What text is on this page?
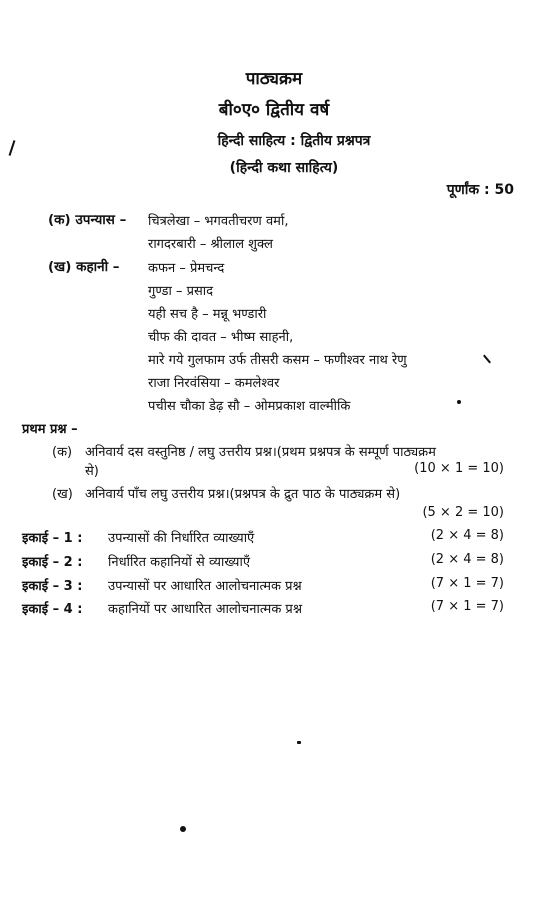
पाठ्यक्रम
बी०ए० द्वितीय वर्ष
हिन्दी साहित्य : द्वितीय प्रश्नपत्र
(हिन्दी कथा साहित्य)
पूर्णांक : 50
(क) उपन्यास – चित्रलेखा – भगवतीचरण वर्मा,
रागदरबारी – श्रीलाल शुक्ल
(ख) कहानी – कफन – प्रेमचन्द
गुण्डा – प्रसाद
यही सच है – मन्नू भण्डारी
चीफ की दावत – भीष्म साहनी,
मारे गये गुलफाम उर्फ तीसरी कसम – फणीश्वर नाथ रेणु
राजा निरवंसिया – कमलेश्वर
पचीस चौका डेढ़ सौ – ओमप्रकाश वाल्मीकि
प्रथम प्रश्न –
(क) अनिवार्य दस वस्तुनिष्ठ / लघु उत्तरीय प्रश्न।(प्रथम प्रश्नपत्र के सम्पूर्ण पाठ्यक्रम
से)	(10 × 1 = 10)
(ख) अनिवार्य पाँच लघु उत्तरीय प्रश्न।(प्रश्नपत्र के द्रुत पाठ के पाठ्यक्रम से)
(5 × 2 = 10)
इकाई – 1 : उपन्यासों की निर्धारित व्याख्याएँ	(2 × 4 = 8)
इकाई – 2 : निर्धारित कहानियों से व्याख्याएँ	(2 × 4 = 8)
इकाई – 3 : उपन्यासों पर आधारित आलोचनात्मक प्रश्न	(7 × 1 = 7)
इकाई – 4 : कहानियों पर आधारित आलोचनात्मक प्रश्न	(7 × 1 = 7)
